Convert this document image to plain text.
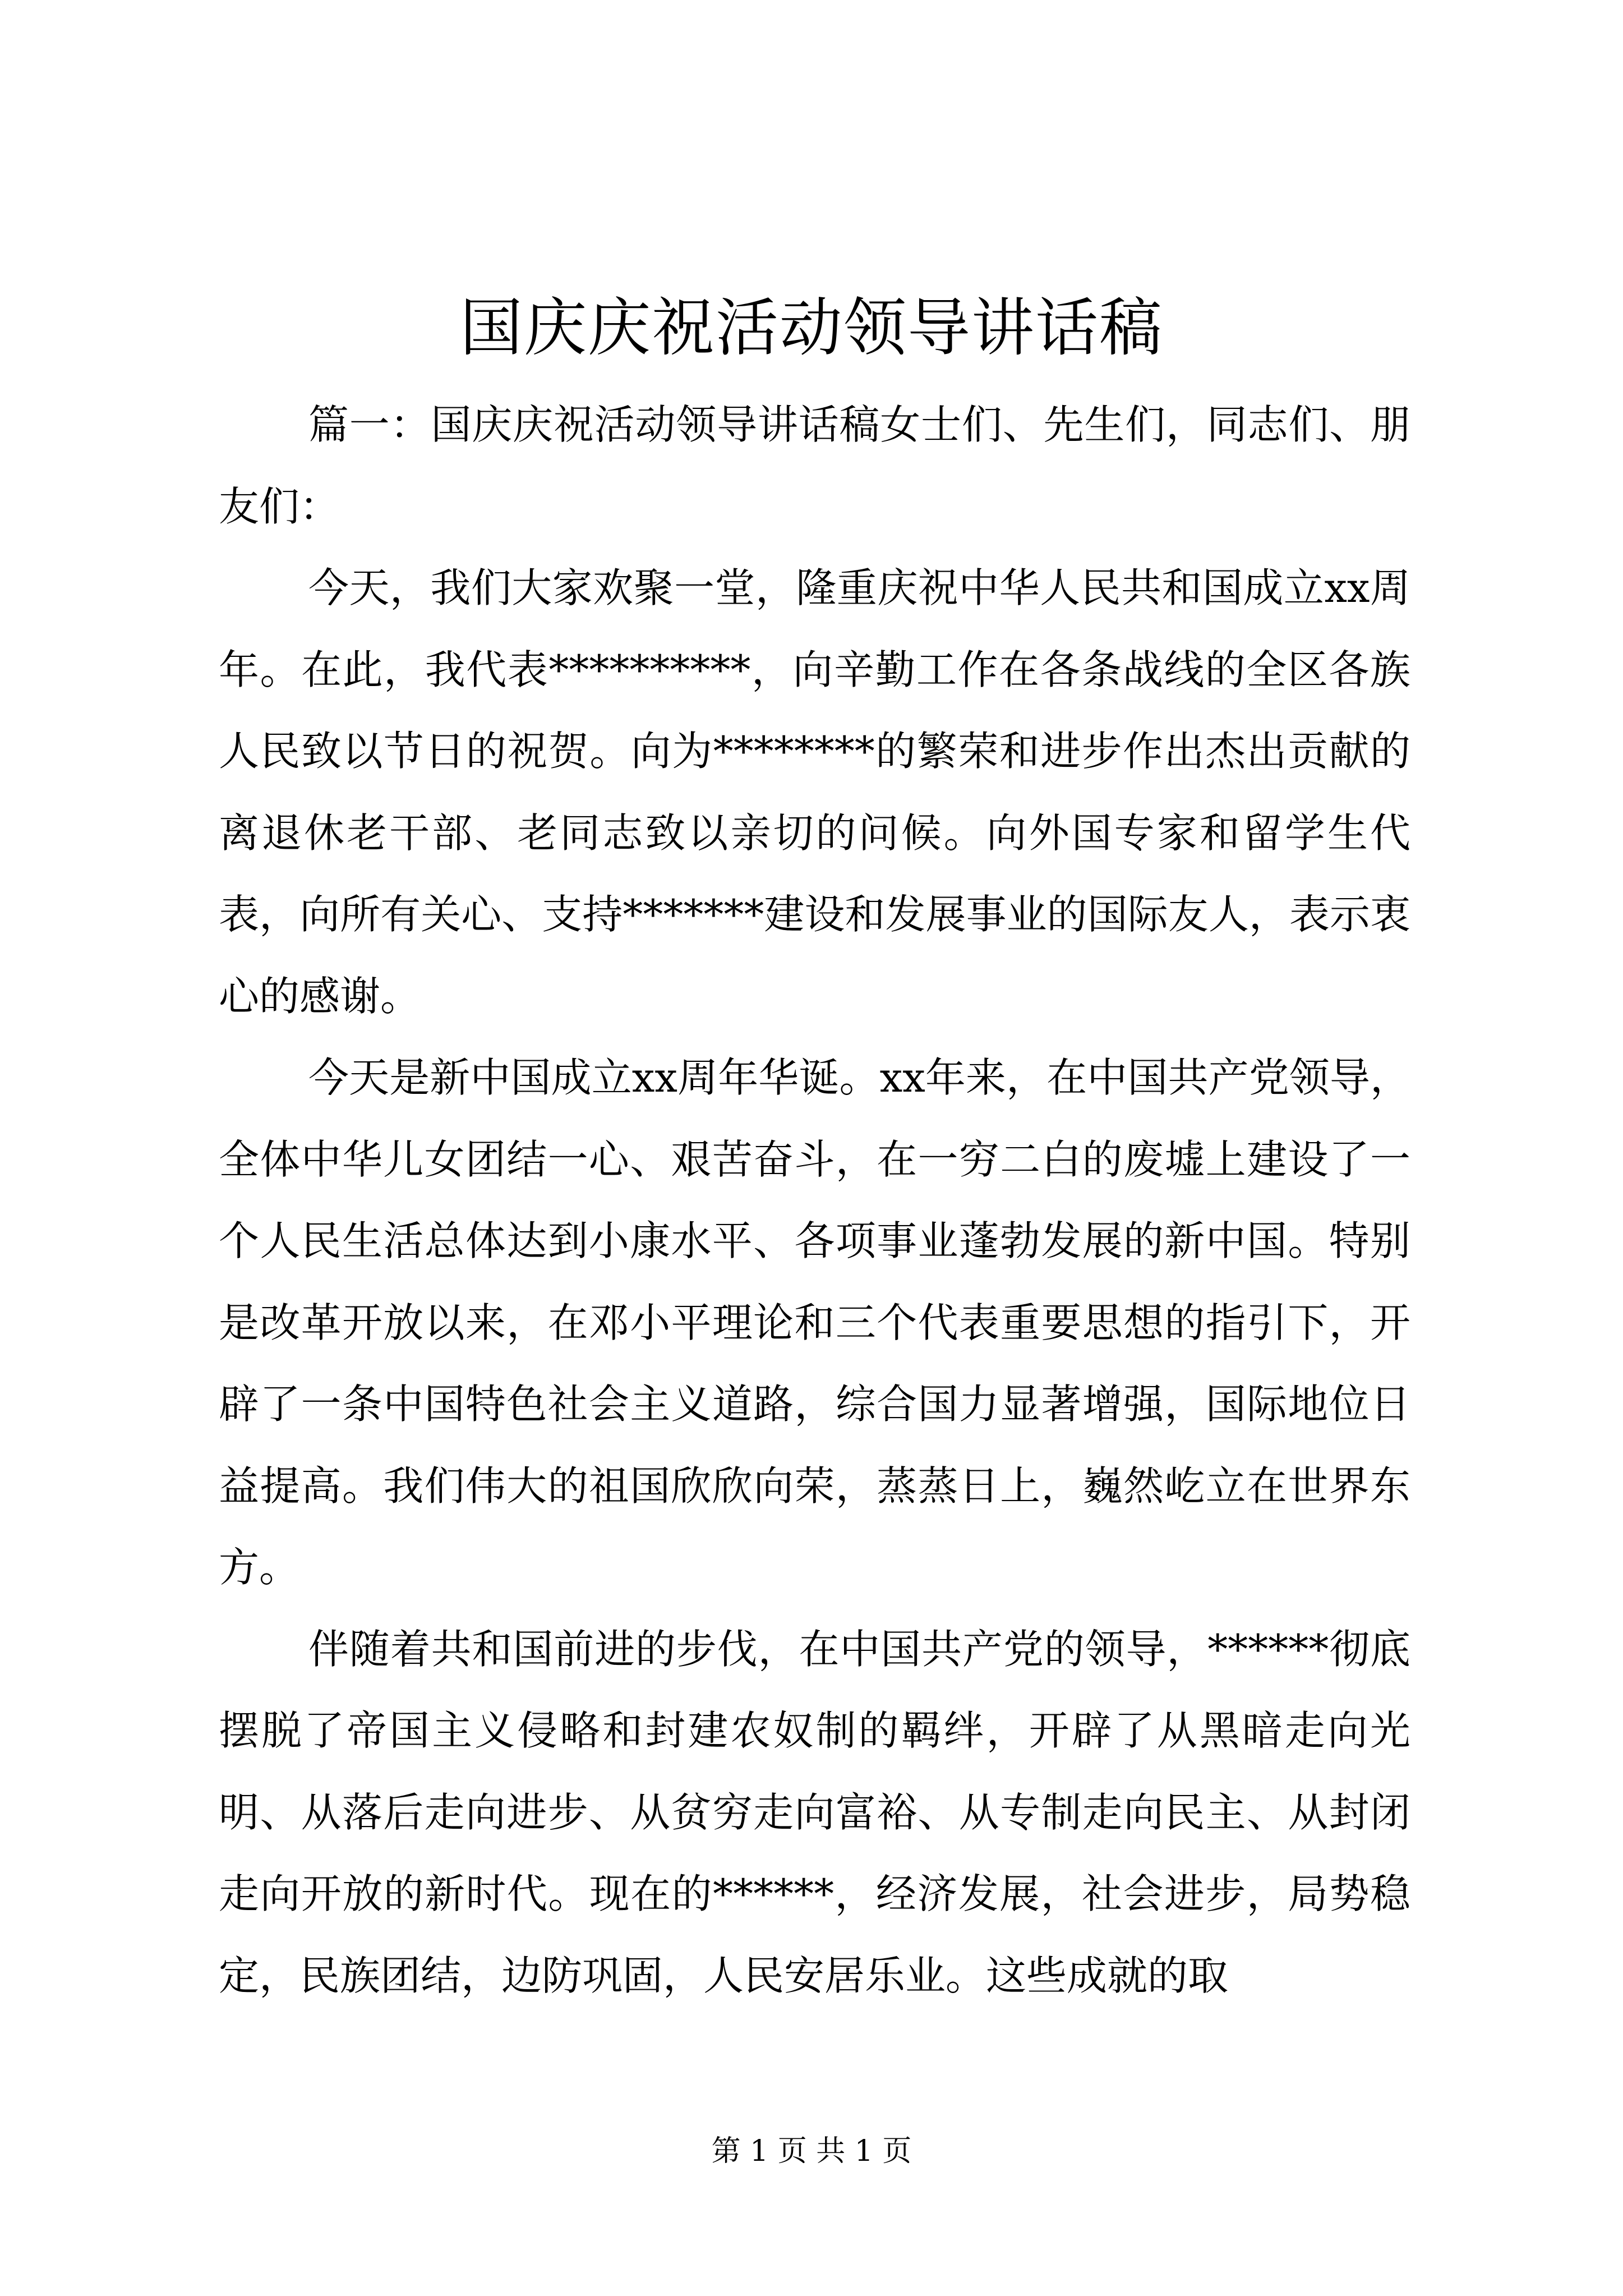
国庆庆祝活动领导讲话稿

篇一：国庆庆祝活动领导讲话稿女士们、先生们，同志们、朋友们：

今天，我们大家欢聚一堂，隆重庆祝中华人民共和国成立xx周年。在此，我代表**********，向辛勤工作在各条战线的全区各族人民致以节日的祝贺。向为********的繁荣和进步作出杰出贡献的离退休老干部、老同志致以亲切的问候。向外国专家和留学生代表，向所有关心、支持*******建设和发展事业的国际友人，表示衷心的感谢。

今天是新中国成立xx周年华诞。xx年来，在中国共产党领导，全体中华儿女团结一心、艰苦奋斗，在一穷二白的废墟上建设了一个人民生活总体达到小康水平、各项事业蓬勃发展的新中国。特别是改革开放以来，在邓小平理论和三个代表重要思想的指引下，开辟了一条中国特色社会主义道路，综合国力显著增强，国际地位日益提高。我们伟大的祖国欣欣向荣，蒸蒸日上，巍然屹立在世界东方。

伴随着共和国前进的步伐，在中国共产党的领导，******彻底摆脱了帝国主义侵略和封建农奴制的羁绊，开辟了从黑暗走向光明、从落后走向进步、从贫穷走向富裕、从专制走向民主、从封闭走向开放的新时代。现在的******，经济发展，社会进步，局势稳定，民族团结，边防巩固，人民安居乐业。这些成就的取

第 1 页 共 1 页
